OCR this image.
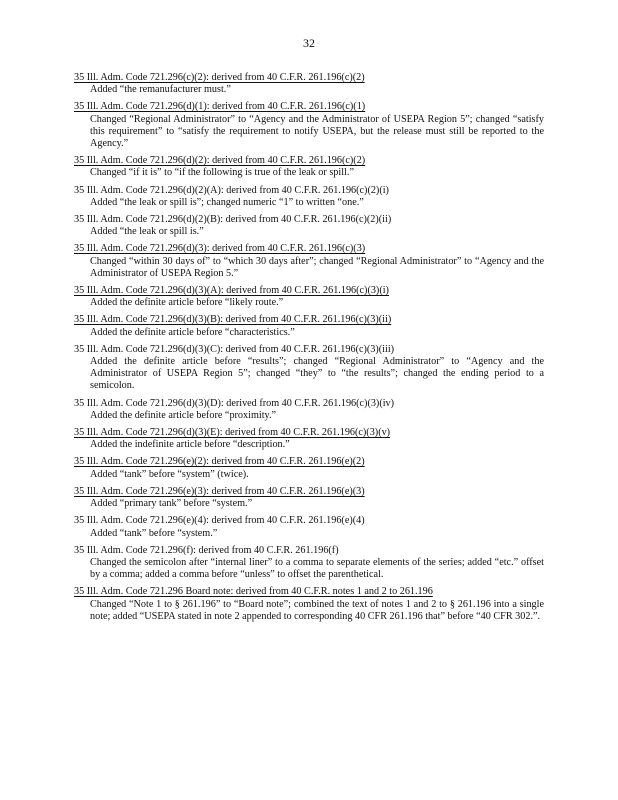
32
35 Ill. Adm. Code 721.296(c)(2): derived from 40 C.F.R. 261.196(c)(2)
Added “the remanufacturer must.”
35 Ill. Adm. Code 721.296(d)(1): derived from 40 C.F.R. 261.196(c)(1)
Changed “Regional Administrator” to “Agency and the Administrator of USEPA Region 5”; changed “satisfy this requirement” to “satisfy the requirement to notify USEPA, but the release must still be reported to the Agency.”
35 Ill. Adm. Code 721.296(d)(2): derived from 40 C.F.R. 261.196(c)(2)
Changed “if it is” to “if the following is true of the leak or spill.”
35 Ill. Adm. Code 721.296(d)(2)(A): derived from 40 C.F.R. 261.196(c)(2)(i)
Added “the leak or spill is”; changed numeric “1” to written “one.”
35 Ill. Adm. Code 721.296(d)(2)(B): derived from 40 C.F.R. 261.196(c)(2)(ii)
Added “the leak or spill is.”
35 Ill. Adm. Code 721.296(d)(3): derived from 40 C.F.R. 261.196(c)(3)
Changed “within 30 days of” to “which 30 days after”; changed “Regional Administrator” to “Agency and the Administrator of USEPA Region 5.”
35 Ill. Adm. Code 721.296(d)(3)(A): derived from 40 C.F.R. 261.196(c)(3)(i)
Added the definite article before “likely route.”
35 Ill. Adm. Code 721.296(d)(3)(B): derived from 40 C.F.R. 261.196(c)(3)(ii)
Added the definite article before “characteristics.”
35 Ill. Adm. Code 721.296(d)(3)(C): derived from 40 C.F.R. 261.196(c)(3)(iii)
Added the definite article before “results”; changed “Regional Administrator” to “Agency and the Administrator of USEPA Region 5”; changed “they” to “the results”; changed the ending period to a semicolon.
35 Ill. Adm. Code 721.296(d)(3)(D): derived from 40 C.F.R. 261.196(c)(3)(iv)
Added the definite article before “proximity.”
35 Ill. Adm. Code 721.296(d)(3)(E): derived from 40 C.F.R. 261.196(c)(3)(v)
Added the indefinite article before “description.”
35 Ill. Adm. Code 721.296(e)(2): derived from 40 C.F.R. 261.196(e)(2)
Added “tank” before “system” (twice).
35 Ill. Adm. Code 721.296(e)(3): derived from 40 C.F.R. 261.196(e)(3)
Added “primary tank” before “system.”
35 Ill. Adm. Code 721.296(e)(4): derived from 40 C.F.R. 261.196(e)(4)
Added “tank” before “system.”
35 Ill. Adm. Code 721.296(f): derived from 40 C.F.R. 261.196(f)
Changed the semicolon after “internal liner” to a comma to separate elements of the series; added “etc.” offset by a comma; added a comma before “unless” to offset the parenthetical.
35 Ill. Adm. Code 721.296 Board note: derived from 40 C.F.R. notes 1 and 2 to 261.196
Changed “Note 1 to § 261.196” to “Board note”; combined the text of notes 1 and 2 to § 261.196 into a single note; added “USEPA stated in note 2 appended to corresponding 40 CFR 261.196 that” before “40 CFR 302.”.
